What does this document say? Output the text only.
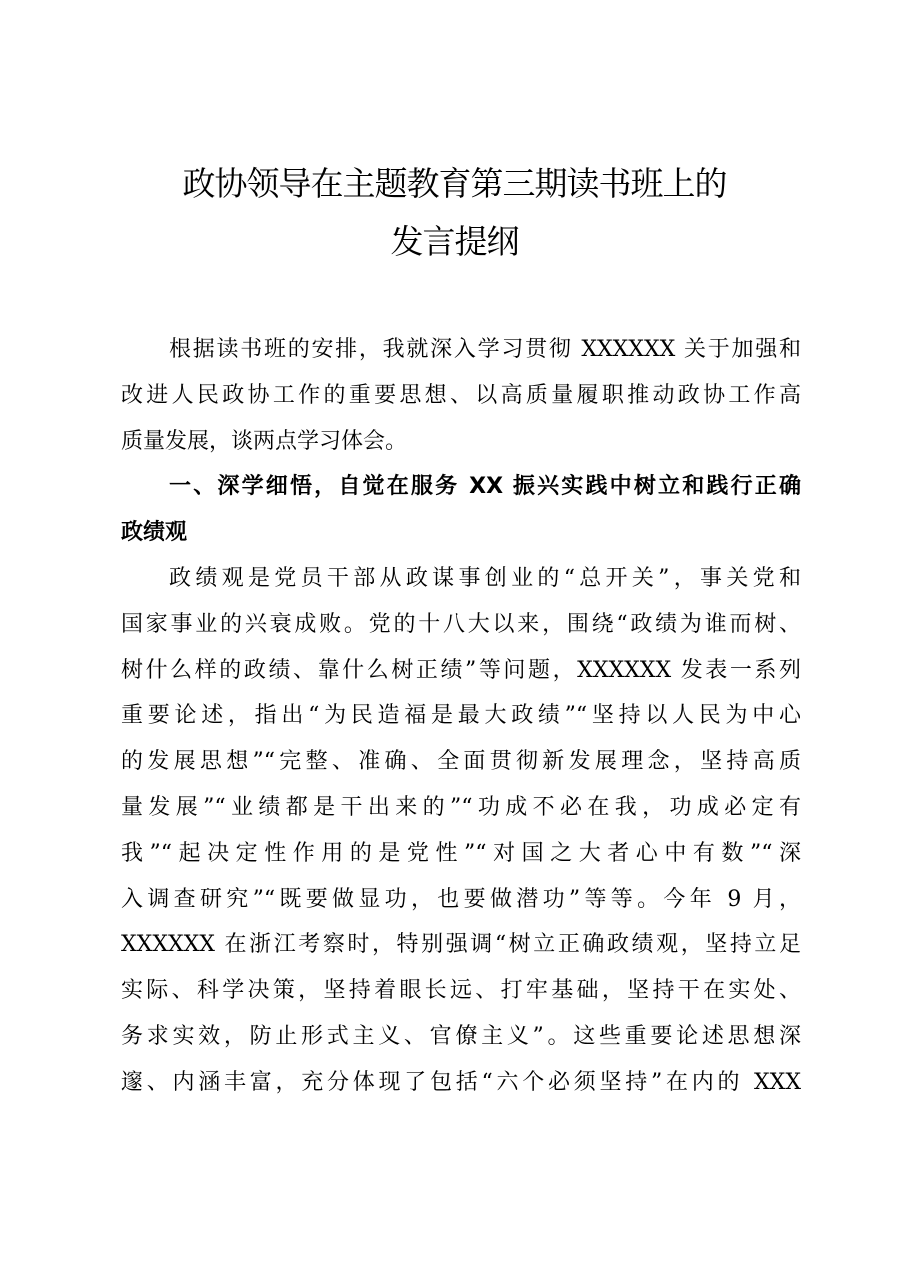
政协领导在主题教育第三期读书班上的
发言提纲
根据读书班的安排，我就深入学习贯彻 XXXXXX 关于加强和
改进人民政协工作的重要思想、以高质量履职推动政协工作高
质量发展，谈两点学习体会。
一、深学细悟，自觉在服务 XX 振兴实践中树立和践行正确
政绩观
政绩观是党员干部从政谋事创业的“总开关”，事关党和
国家事业的兴衰成败。党的十八大以来，围绕“政绩为谁而树、
树什么样的政绩、靠什么树正绩”等问题，XXXXXX 发表一系列
重要论述，指出“为民造福是最大政绩”“坚持以人民为中心
的发展思想”“完整、准确、全面贯彻新发展理念，坚持高质
量发展”“业绩都是干出来的”“功成不必在我，功成必定有
我”“起决定性作用的是党性”“对国之大者心中有数”“深
入调查研究”“既要做显功，也要做潜功”等等。今年 9 月，
XXXXXX 在浙江考察时，特别强调“树立正确政绩观，坚持立足
实际、科学决策，坚持着眼长远、打牢基础，坚持干在实处、
务求实效，防止形式主义、官僚主义”。这些重要论述思想深
邃、内涵丰富，充分体现了包括“六个必须坚持”在内的 XXX
